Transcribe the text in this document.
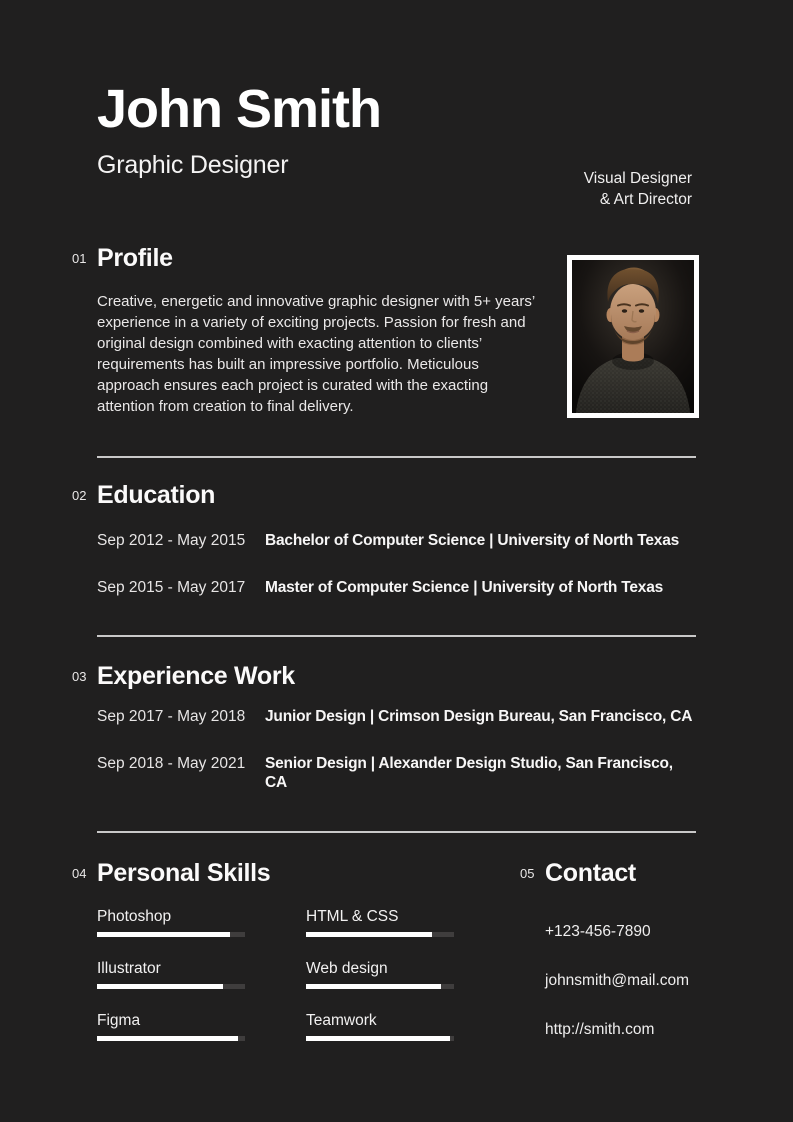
John Smith
Graphic Designer
01 Profile

Creative, energetic and innovative graphic designer with 5+ years’ experience in a variety of exciting projects. Passion for fresh and original design combined with exacting attention to clients’ requirements has built an impressive portfolio. Meticulous approach ensures each project is curated with the exacting attention from creation to final delivery.

02 Education
Sep 2012 - May 2015	Bachelor of Computer Science | University of North Texas
Sep 2015 - May 2017	Master of Computer Science | University of North Texas
03 Experience Work
Sep 2017 - May 2018	Junior Design | Crimson Design Bureau, San Francisco, CA
Sep 2018 - May 2021	Senior Design | Alexander Design Studio, San Francisco, CA
04 Personal Skills
Photoshop
Illustrator
Figma
HTML & CSS
Web design
Teamwork
05 Contact
+123-456-7890
johnsmith@mail.com
http://smith.com
Visual Designer
& Art Director
